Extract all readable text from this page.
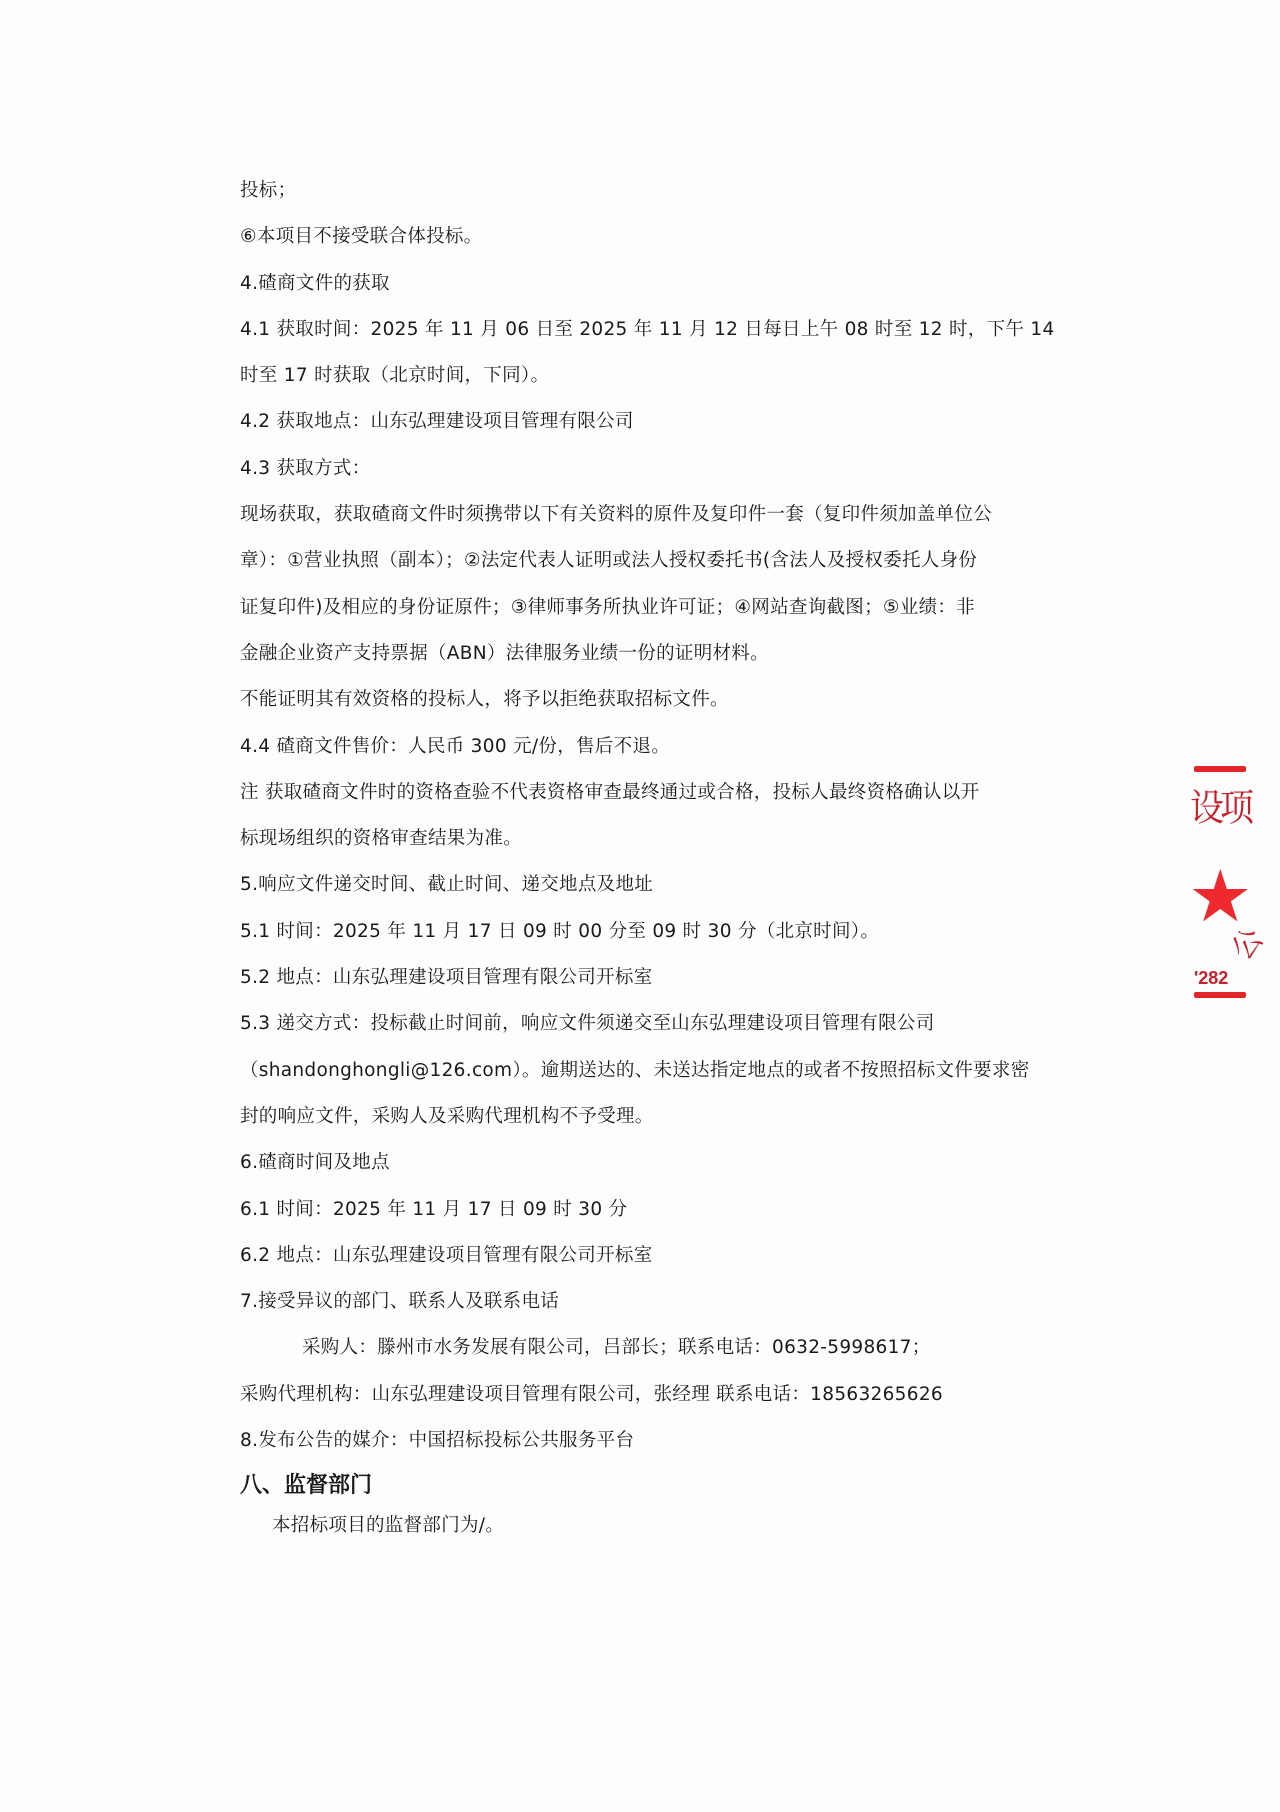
投标；
⑥本项目不接受联合体投标。
4.碴商文件的获取
4.1 获取时间：2025 年 11 月 06 日至 2025 年 11 月 12 日每日上午 08 时至 12 时，下午 14
时至 17 时获取（北京时间，下同）。
4.2 获取地点：山东弘理建设项目管理有限公司
4.3 获取方式：
现场获取，获取碴商文件时须携带以下有关资料的原件及复印件一套（复印件须加盖单位公
章）：①营业执照（副本）；②法定代表人证明或法人授权委托书(含法人及授权委托人身份
证复印件)及相应的身份证原件；③律师事务所执业许可证；④网站查询截图；⑤业绩：非
金融企业资产支持票据（ABN）法律服务业绩一份的证明材料。
不能证明其有效资格的投标人，将予以拒绝获取招标文件。
4.4 碴商文件售价：人民币 300 元/份，售后不退。
注 获取碴商文件时的资格查验不代表资格审查最终通过或合格，投标人最终资格确认以开
标现场组织的资格审查结果为准。
5.响应文件递交时间、截止时间、递交地点及地址
5.1 时间：2025 年 11 月 17 日 09 时 00 分至 09 时 30 分（北京时间）。
5.2 地点：山东弘理建设项目管理有限公司开标室
5.3 递交方式：投标截止时间前，响应文件须递交至山东弘理建设项目管理有限公司
（shandonghongli@126.com）。逾期送达的、未送达指定地点的或者不按照招标文件要求密
封的响应文件，采购人及采购代理机构不予受理。
6.碴商时间及地点
6.1 时间：2025 年 11 月 17 日 09 时 30 分
6.2 地点：山东弘理建设项目管理有限公司开标室
7.接受异议的部门、联系人及联系电话
采购人：滕州市水务发展有限公司，吕部长；联系电话：0632-5998617；
采购代理机构：山东弘理建设项目管理有限公司，张经理 联系电话：18563265626
8.发布公告的媒介：中国招标投标公共服务平台
八、监督部门
本招标项目的监督部门为/。
设项
★
公
'282
